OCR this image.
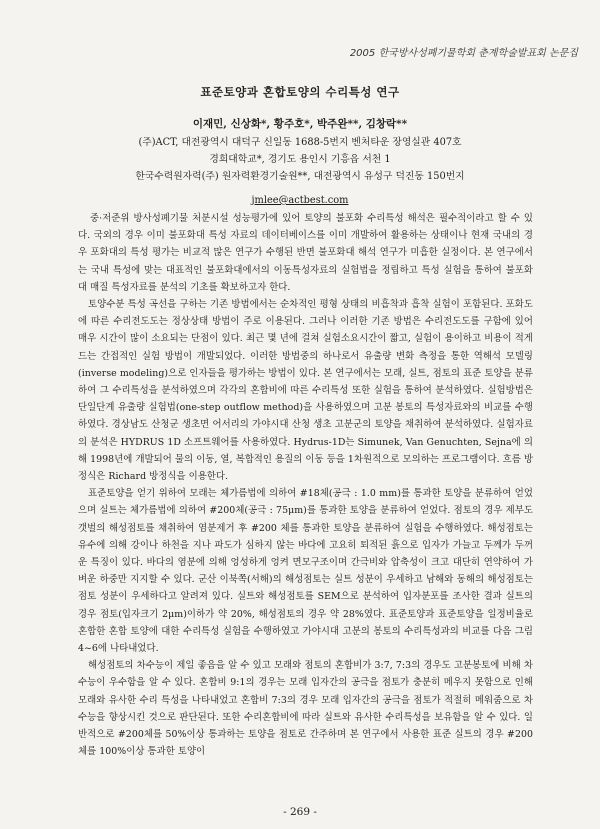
2005 한국방사성폐기물학회 춘계학술발표회 논문집
표준토양과 혼합토양의 수리특성 연구
이재민, 신상화*, 황주호*, 박주완**, 김창락**
(주)ACT, 대전광역시 대덕구 신일동 1688-5번지 벤처타운 장영실관 407호
경희대학교*, 경기도 용인시 기흥읍 서천 1
한국수력원자력(주) 원자력환경기술원**, 대전광역시 유성구 덕진동 150번지
jmlee@actbest.com

중·저준위 방사성폐기물 처분시설 성능평가에 있어 토양의 불포화 수리특성 해석은 필수적이라고 할 수 있다. 국외의 경우 이미 불포화대 특성 자료의 데이터베이스를 이미 개발하여 활용하는 상태이나 현재 국내의 경우 포화대의 특성 평가는 비교적 많은 연구가 수행된 반면 불포화대 해석 연구가 미흡한 실정이다. 본 연구에서는 국내 특성에 맞는 대표적인 불포화대에서의 이동특성자료의 실험법을 정립하고 특성 실험을 통하여 불포화대 매질 특성자료를 분석의 기초를 확보하고자 한다.

토양수분 특성 곡선을 구하는 기존 방법에서는 순차적인 평형 상태의 비흡착과 흡착 실험이 포함된다. 포화도에 따른 수리전도도는 정상상태 방법이 주로 이용된다. 그러나 이러한 기존 방법은 수리전도도를 구함에 있어 매우 시간이 많이 소요되는 단점이 있다. 최근 몇 년에 걸쳐 실험소요시간이 짧고, 실험이 용이하고 비용이 적게 드는 간접적인 실험 방법이 개발되었다. 이러한 방법중의 하나로서 유출량 변화 측정을 통한 역해석 모델링(inverse modeling)으로 인자들을 평가하는 방법이 있다. 본 연구에서는 모래, 실트, 점토의 표준 토양을 분류하여 그 수리특성을 분석하였으며 각각의 혼합비에 따른 수리특성 또한 실험을 통하여 분석하였다. 실험방법은 단일단계 유출량 실험법(one-step outflow method)을 사용하였으며 고분 봉토의 특성자료와의 비교를 수행하였다. 경상남도 산청군 생초면 어서리의 가야시대 산청 생초 고분군의 토양을 채취하여 분석하였다. 실험자료의 분석은 HYDRUS 1D 소프트웨어를 사용하였다. Hydrus-1D는 Simunek, Van Genuchten, Sejna에 의해 1998년에 개발되어 물의 이동, 열, 복합적인 용질의 이동 등을 1차원적으로 모의하는 프로그램이다. 흐름 방정식은 Richard 방정식을 이용한다.

표준토양을 얻기 위하여 모래는 체가름법에 의하여 #18체(공극 : 1.0 mm)를 통과한 토양을 분류하여 얻었으며 실트는 체가름법에 의하여 #200체(공극 : 75μm)를 통과한 토양을 분류하여 얻었다. 점토의 경우 제부도 갯벌의 해성점토를 채취하여 염분제거 후 #200 체를 통과한 토양을 분류하여 실험을 수행하였다. 해성점토는 유수에 의해 강이나 하천을 지나 파도가 심하지 않는 바다에 고요히 퇴적된 흙으로 입자가 가늘고 두께가 두꺼운 특징이 있다. 바다의 염분에 의해 엉성하게 엉켜 면모구조이며 간극비와 압축성이 크고 대단히 연약하여 가벼운 하중만 지지할 수 있다. 군산 이북쪽(서해)의 해성점토는 실트 성분이 우세하고 남해와 동해의 해성점토는 점토 성분이 우세하다고 알려져 있다. 실트와 해성점토를 SEM으로 분석하여 입자분포를 조사한 결과 실트의 경우 점토(입자크기 2μm)이하가 약 20%, 해성점토의 경우 약 28%였다. 표준토양과 표준토양을 일정비율로 혼합한 혼합 토양에 대한 수리특성 실험을 수행하였고 가야시대 고분의 봉토의 수리특성과의 비교를 다음 그림4~6에 나타내었다.

해성점토의 차수능이 제일 좋음을 알 수 있고 모래와 점토의 혼합비가 3:7, 7:3의 경우도 고분봉토에 비해 차수능이 우수함을 알 수 있다. 혼합비 9:1의 경우는 모래 입자간의 공극을 점토가 충분히 메우지 못함으로 인해 모래와 유사한 수리 특성을 나타내었고 혼합비 7:3의 경우 모래 입자간의 공극을 점토가 적절히 메워줌으로 차수능을 향상시킨 것으로 판단된다. 또한 수리혼합비에 따라 실트와 유사한 수리특성을 보유함을 알 수 있다. 일반적으로 #200체를 50%이상 통과하는 토양을 점토로 간주하며 본 연구에서 사용한 표준 실트의 경우 #200체를 100%이상 통과한 토양이

- 269 -
